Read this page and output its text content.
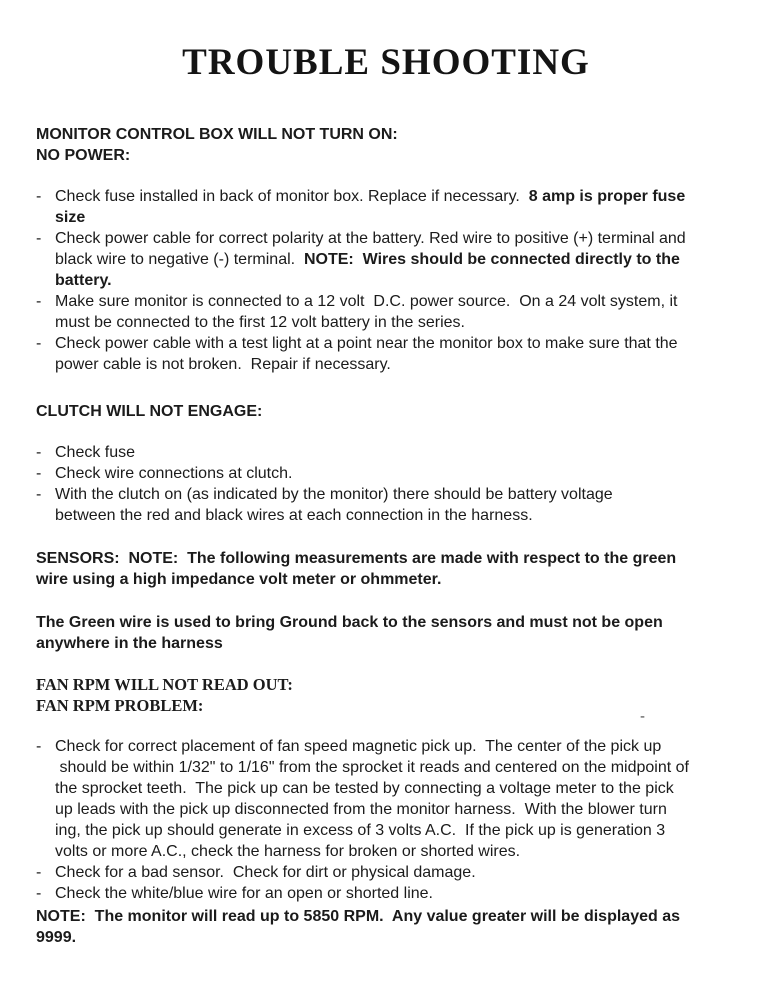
TROUBLE SHOOTING
MONITOR CONTROL BOX WILL NOT TURN ON:
NO POWER:
- Check fuse installed in back of monitor box. Replace if necessary.  8 amp is proper fuse
size
- Check power cable for correct polarity at the battery. Red wire to positive (+) terminal and
black wire to negative (-) terminal.  NOTE:  Wires should be connected directly to the
battery.
- Make sure monitor is connected to a 12 volt  D.C. power source.  On a 24 volt system, it
must be connected to the first 12 volt battery in the series.
- Check power cable with a test light at a point near the monitor box to make sure that the
power cable is not broken.  Repair if necessary.
CLUTCH WILL NOT ENGAGE:
- Check fuse
- Check wire connections at clutch.
- With the clutch on (as indicated by the monitor) there should be battery voltage
between the red and black wires at each connection in the harness.
SENSORS:  NOTE:  The following measurements are made with respect to the green
wire using a high impedance volt meter or ohmmeter.
The Green wire is used to bring Ground back to the sensors and must not be open
anywhere in the harness
FAN RPM WILL NOT READ OUT:
FAN RPM PROBLEM:
- Check for correct placement of fan speed magnetic pick up.  The center of the pick up
should be within 1/32" to 1/16" from the sprocket it reads and centered on the midpoint of
the sprocket teeth.  The pick up can be tested by connecting a voltage meter to the pick
up leads with the pick up disconnected from the monitor harness.  With the blower turn
ing, the pick up should generate in excess of 3 volts A.C.  If the pick up is generation 3
volts or more A.C., check the harness for broken or shorted wires.
- Check for a bad sensor.  Check for dirt or physical damage.
- Check the white/blue wire for an open or shorted line.
NOTE:  The monitor will read up to 5850 RPM.  Any value greater will be displayed as
9999.
-
